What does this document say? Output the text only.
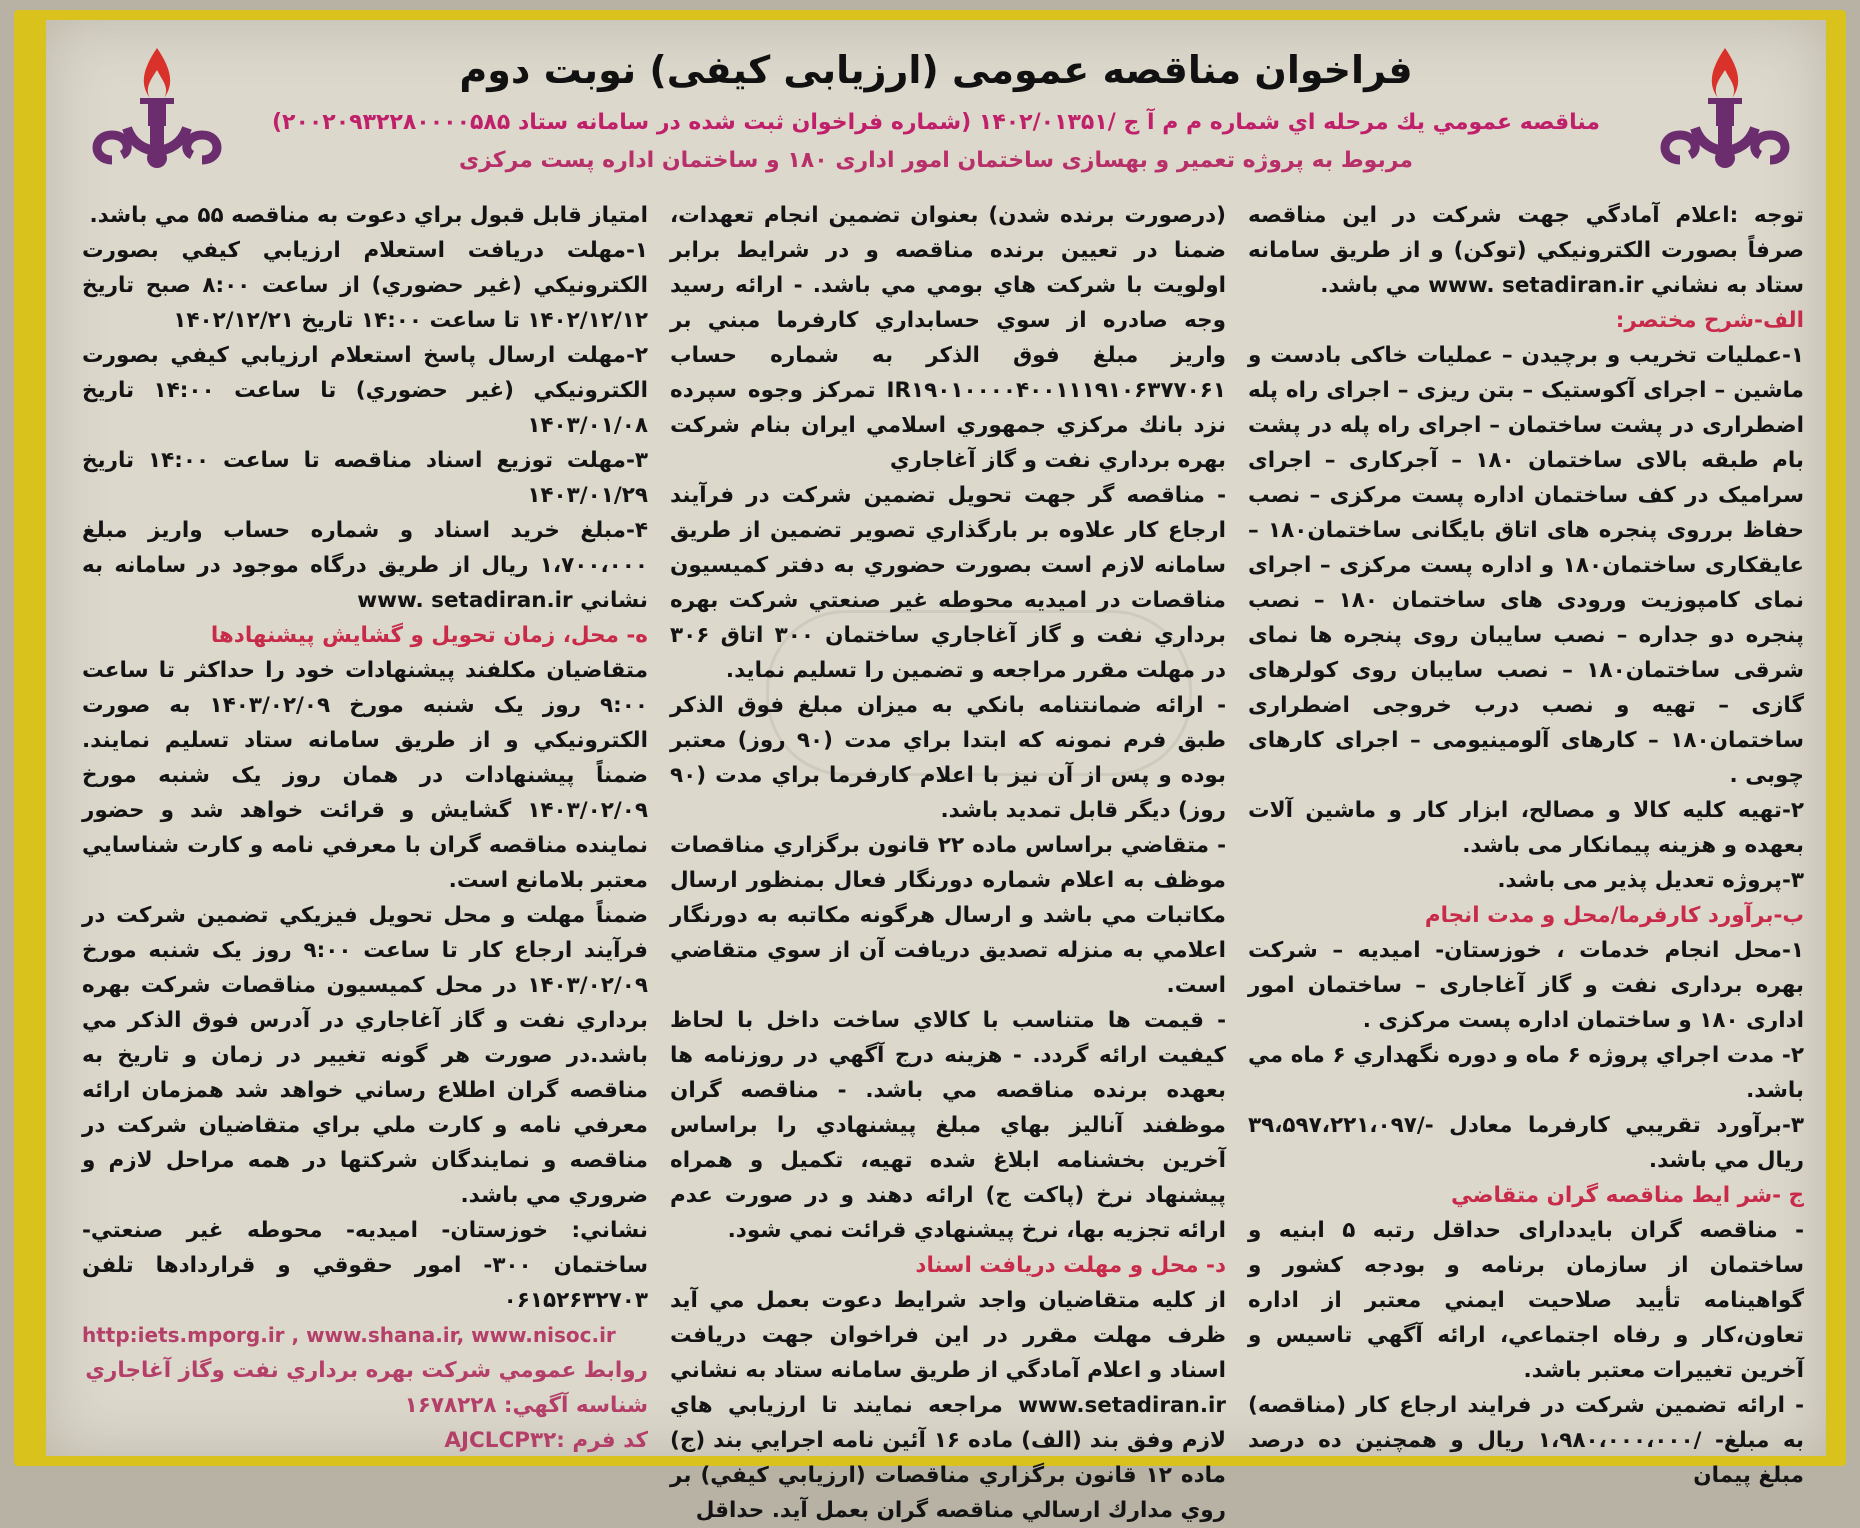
فراخوان مناقصه عمومی (ارزیابی کیفی) نوبت دوم
مناقصه عمومي يك مرحله اي شماره م م آ ج /۱۴۰۲/۰۱۳۵۱ (شماره فراخوان ثبت شده در سامانه ستاد ۲۰۰۲۰۹۳۲۲۸۰۰۰۰۵۸۵)
مربوط به پروژه تعمیر و بهسازی ساختمان امور اداری ۱۸۰ و ساختمان اداره پست مرکزی

توجه :اعلام آمادگي جهت شركت در اين مناقصه صرفاً بصورت الكترونيكي (توكن) و از طريق سامانه ستاد به نشاني www. setadiran.ir مي باشد.

الف-شرح مختصر:

۱-عملیات تخریب و برچیدن – عملیات خاکی بادست و ماشین – اجرای آکوستیک – بتن ریزی – اجرای راه پله اضطراری در پشت ساختمان – اجرای راه پله در پشت بام طبقه بالای ساختمان ۱۸۰ – آجرکاری – اجرای سرامیک در کف ساختمان اداره پست مرکزی – نصب حفاظ برروی پنجره های اتاق بایگانی ساختمان۱۸۰ – عایقکاری ساختمان۱۸۰ و اداره پست مرکزی – اجرای نمای کامپوزیت ورودی های ساختمان ۱۸۰ – نصب پنجره دو جداره – نصب سایبان روی پنجره ها نمای شرقی ساختمان۱۸۰ – نصب سایبان روی کولرهای گازی – تهیه و نصب درب خروجی اضطراری ساختمان۱۸۰ – کارهای آلومینیومی – اجرای کارهای چوبی .

۲-تهیه کلیه کالا و مصالح، ابزار کار و ماشین آلات بعهده و هزینه پیمانکار می باشد.

۳-پروژه تعدیل پذیر می باشد.

ب-برآورد كارفرما/محل و مدت انجام

۱-محل انجام خدمات ، خوزستان- امیدیه – شرکت بهره برداری نفت و گاز آغاجاری – ساختمان امور اداری ۱۸۰ و ساختمان اداره پست مرکزی .

۲- مدت اجراي پروژه ۶ ماه و دوره نگهداري ۶ ماه مي باشد.

۳-برآورد تقريبي كارفرما معادل -/۳۹،۵۹۷،۲۲۱،۰۹۷ ريال مي باشد.

ج -شر ايط مناقصه گران متقاضي

- مناقصه گران بايددارای حداقل رتبه ۵ ابنیه و ساختمان از سازمان برنامه و بودجه کشور و گواهينامه تأييد صلاحيت ايمني معتبر از اداره تعاون،كار و رفاه اجتماعي، ارائه آگهي تاسيس و آخرين تغييرات معتبر باشد.

- ارائه تضمين شركت در فرايند ارجاع كار (مناقصه) به مبلغ- /۱،۹۸۰،۰۰۰،۰۰۰ ريال و همچنين ده درصد مبلغ پيمان

(درصورت برنده شدن) بعنوان تضمين انجام تعهدات، ضمنا در تعيين برنده مناقصه و در شرايط برابر اولويت با شركت هاي بومي مي باشد. - ارائه رسيد وجه صادره از سوي حسابداري كارفرما مبني بر واريز مبلغ فوق الذكر به شماره حساب IR۱۹۰۱۰۰۰۰۴۰۰۱۱۱۹۱۰۶۳۷۷۰۶۱ تمركز وجوه سپرده نزد بانك مركزي جمهوري اسلامي ايران بنام شركت بهره برداري نفت و گاز آغاجاري

- مناقصه گر جهت تحویل تضمین شرکت در فرآیند ارجاع کار علاوه بر بارگذاري تصوير تضمين از طريق سامانه لازم است بصورت حضوري به دفتر كميسيون مناقصات در اميديه محوطه غير صنعتي شركت بهره برداري نفت و گاز آغاجاري ساختمان ۳۰۰ اتاق ۳۰۶ در مهلت مقرر مراجعه و تضمين را تسليم نمايد.

- ارائه ضمانتنامه بانكي به ميزان مبلغ فوق الذكر طبق فرم نمونه كه ابتدا براي مدت (۹۰ روز) معتبر بوده و پس از آن نيز با اعلام كارفرما براي مدت (۹۰ روز) ديگر قابل تمديد باشد.

- متقاضي براساس ماده ۲۲ قانون برگزاري مناقصات موظف به اعلام شماره دورنگار فعال بمنظور ارسال مكاتبات مي باشد و ارسال هرگونه مكاتبه به دورنگار اعلامي به منزله تصديق دريافت آن از سوي متقاضي است.

- قيمت ها متناسب با كالاي ساخت داخل با لحاظ كيفيت ارائه گردد. - هزينه درج آگهي در روزنامه ها بعهده برنده مناقصه مي باشد. - مناقصه گران موظفند آناليز بهاي مبلغ پيشنهادي را براساس آخرين بخشنامه ابلاغ شده تهيه، تكميل و همراه پيشنهاد نرخ (پاكت ج) ارائه دهند و در صورت عدم ارائه تجزيه بها، نرخ پيشنهادي قرائت نمي شود.

د- محل و مهلت دريافت اسناد

از كليه متقاضيان واجد شرايط دعوت بعمل مي آيد ظرف مهلت مقرر در اين فراخوان جهت دريافت اسناد و اعلام آمادگي از طريق سامانه ستاد به نشاني www.setadiran.ir مراجعه نمايند تا ارزيابي هاي لازم وفق بند (الف) ماده ۱۶ آئين نامه اجرايي بند (ج) ماده ۱۲ قانون برگزاري مناقصات (ارزيابي كيفي) بر روي مدارك ارسالي مناقصه گران بعمل آيد. حداقل

امتياز قابل قبول براي دعوت به مناقصه ۵۵ مي باشد.

۱-مهلت دريافت استعلام ارزيابي كيفي بصورت الكترونيكي (غير حضوري) از ساعت ۸:۰۰ صبح تاريخ ۱۴۰۲/۱۲/۱۲ تا ساعت ۱۴:۰۰ تاريخ ۱۴۰۲/۱۲/۲۱

۲-مهلت ارسال پاسخ استعلام ارزيابي كيفي بصورت الكترونيكي (غير حضوري) تا ساعت ۱۴:۰۰ تاريخ ۱۴۰۳/۰۱/۰۸

۳-مهلت توزيع اسناد مناقصه تا ساعت ۱۴:۰۰ تاريخ ۱۴۰۳/۰۱/۲۹

۴-مبلغ خريد اسناد و شماره حساب واريز مبلغ ۱،۷۰۰،۰۰۰ ريال از طريق درگاه موجود در سامانه به نشاني www. setadiran.ir

ه- محل، زمان تحويل و گشايش پيشنهادها

متقاضيان مكلفند پيشنهادات خود را حداكثر تا ساعت ۹:۰۰ روز يک شنبه مورخ ۱۴۰۳/۰۲/۰۹ به صورت الكترونيكي و از طريق سامانه ستاد تسليم نمايند. ضمناً پيشنهادات در همان روز يک شنبه مورخ ۱۴۰۳/۰۲/۰۹ گشايش و قرائت خواهد شد و حضور نماينده مناقصه گران با معرفي نامه و كارت شناسايي معتبر بلامانع است.

ضمناً مهلت و محل تحويل فيزيكي تضمين شركت در فرآيند ارجاع كار تا ساعت ۹:۰۰ روز يک شنبه مورخ ۱۴۰۳/۰۲/۰۹ در محل كميسيون مناقصات شركت بهره برداري نفت و گاز آغاجاري در آدرس فوق الذكر مي باشد.در صورت هر گونه تغيير در زمان و تاريخ به مناقصه گران اطلاع رساني خواهد شد همزمان ارائه معرفي نامه و كارت ملي براي متقاضيان شركت در مناقصه و نمايندگان شركتها در همه مراحل لازم و ضروري مي باشد.

نشاني: خوزستان- اميديه- محوطه غير صنعتي- ساختمان ۳۰۰- امور حقوقي و قراردادها تلفن ۰۶۱۵۲۶۳۲۷۰۳

http:iets.mporg.ir , www.shana.ir, www.nisoc.ir

روابط عمومي شركت بهره برداري نفت وگاز آغاجاري

شناسه آگهي: ۱۶۷۸۲۲۸

كد فرم :AJCLCP۳۲
